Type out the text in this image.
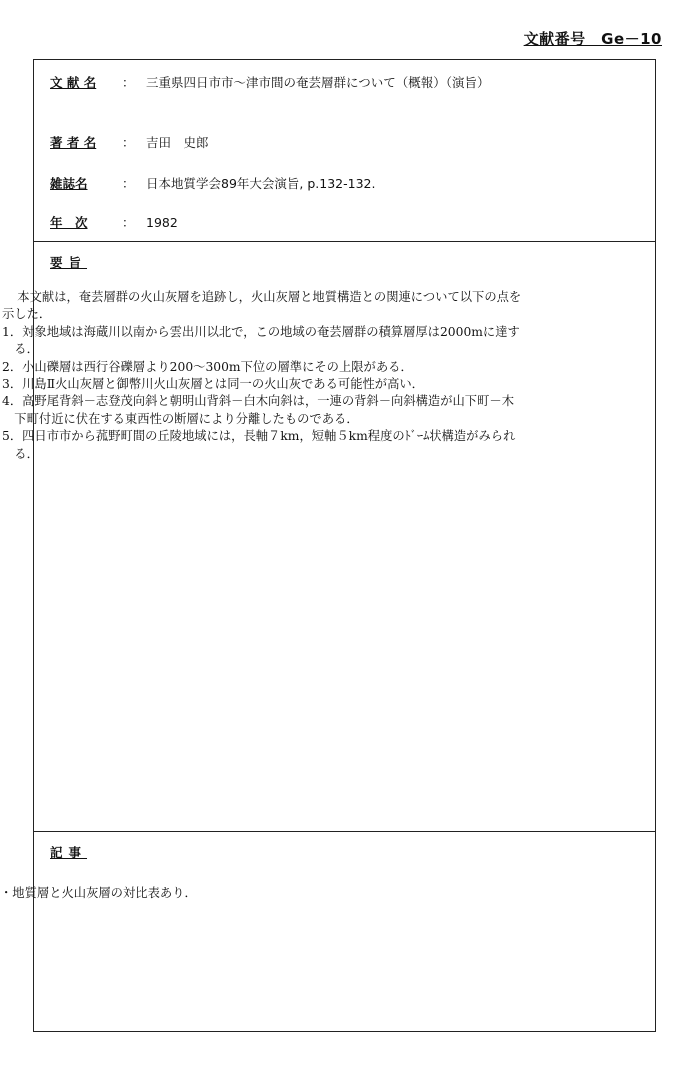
文献番号　Ge－10
文 献 名	： 三重県四日市市～津市間の奄芸層群について（概報）（演旨）
著 者 名	： 吉田　史郎
雑誌名	： 日本地質学会89年大会演旨, p.132-132.
年　次	： 1982
要旨
記事
　本文献は，奄芸層群の火山灰層を追跡し，火山灰層と地質構造との関連について以下の点を
示した．
1．対象地域は海蔵川以南から雲出川以北で，この地域の奄芸層群の積算層厚は2000mに達す
　る．
2．小山礫層は西行谷礫層より200～300m下位の層準にその上限がある．
3．川島Ⅱ火山灰層と御幣川火山灰層とは同一の火山灰である可能性が高い．
4．高野尾背斜－志登茂向斜と朝明山背斜－白木向斜は，一連の背斜－向斜構造が山下町－木
　下町付近に伏在する東西性の断層により分離したものである．
5．四日市市から菰野町間の丘陵地域には，長軸７km，短軸５km程度のﾄﾞｰﾑ状構造がみられ
　る．
・地質層と火山灰層の対比表あり．
